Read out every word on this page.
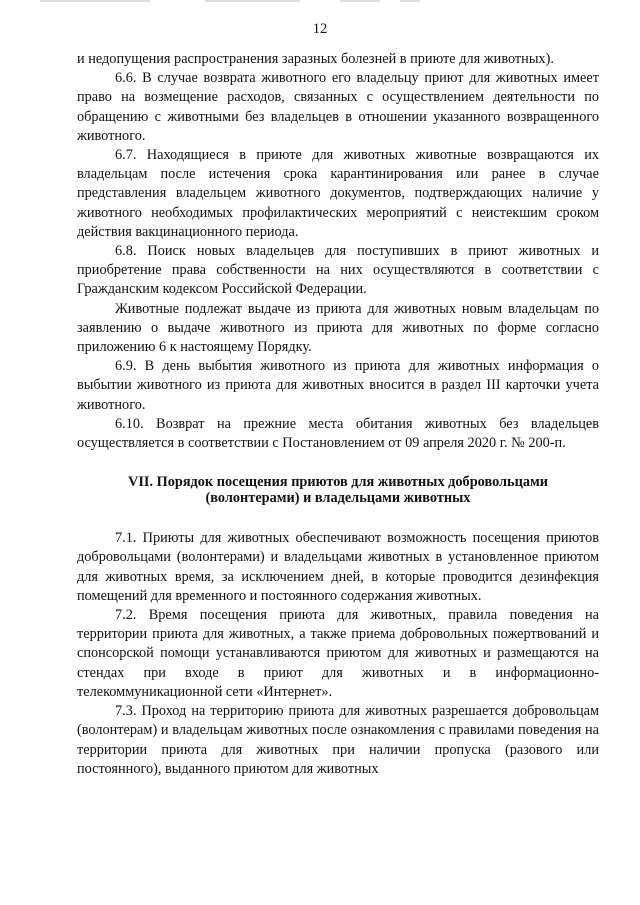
12

и недопущения распространения заразных болезней в приюте для животных).

6.6. В случае возврата животного его владельцу приют для животных имеет право на возмещение расходов, связанных с осуществлением деятельности по обращению с животными без владельцев в отношении указанного возвращенного животного.

6.7. Находящиеся в приюте для животных животные возвращаются их владельцам после истечения срока карантинирования или ранее в случае представления владельцем животного документов, подтверждающих наличие у животного необходимых профилактических мероприятий с неистекшим сроком действия вакцинационного периода.

6.8. Поиск новых владельцев для поступивших в приют животных и приобретение права собственности на них осуществляются в соответствии с Гражданским кодексом Российской Федерации.

Животные подлежат выдаче из приюта для животных новым владельцам по заявлению о выдаче животного из приюта для животных по форме согласно приложению 6 к настоящему Порядку.

6.9. В день выбытия животного из приюта для животных информация о выбытии животного из приюта для животных вносится в раздел III карточки учета животного.

6.10. Возврат на прежние места обитания животных без владельцев осуществляется в соответствии с Постановлением от 09 апреля 2020 г. № 200-п.

VII. Порядок посещения приютов для животных добровольцами
(волонтерами) и владельцами животных

7.1. Приюты для животных обеспечивают возможность посещения приютов добровольцами (волонтерами) и владельцами животных в установленное приютом для животных время, за исключением дней, в которые проводится дезинфекция помещений для временного и постоянного содержания животных.

7.2. Время посещения приюта для животных, правила поведения на территории приюта для животных, а также приема добровольных пожертвований и спонсорской помощи устанавливаются приютом для животных и размещаются на стендах при входе в приют для животных и в информационно-телекоммуникационной сети «Интернет».

7.3. Проход на территорию приюта для животных разрешается добровольцам (волонтерам) и владельцам животных после ознакомления с правилами поведения на территории приюта для животных при наличии пропуска (разового или постоянного), выданного приютом для животных
